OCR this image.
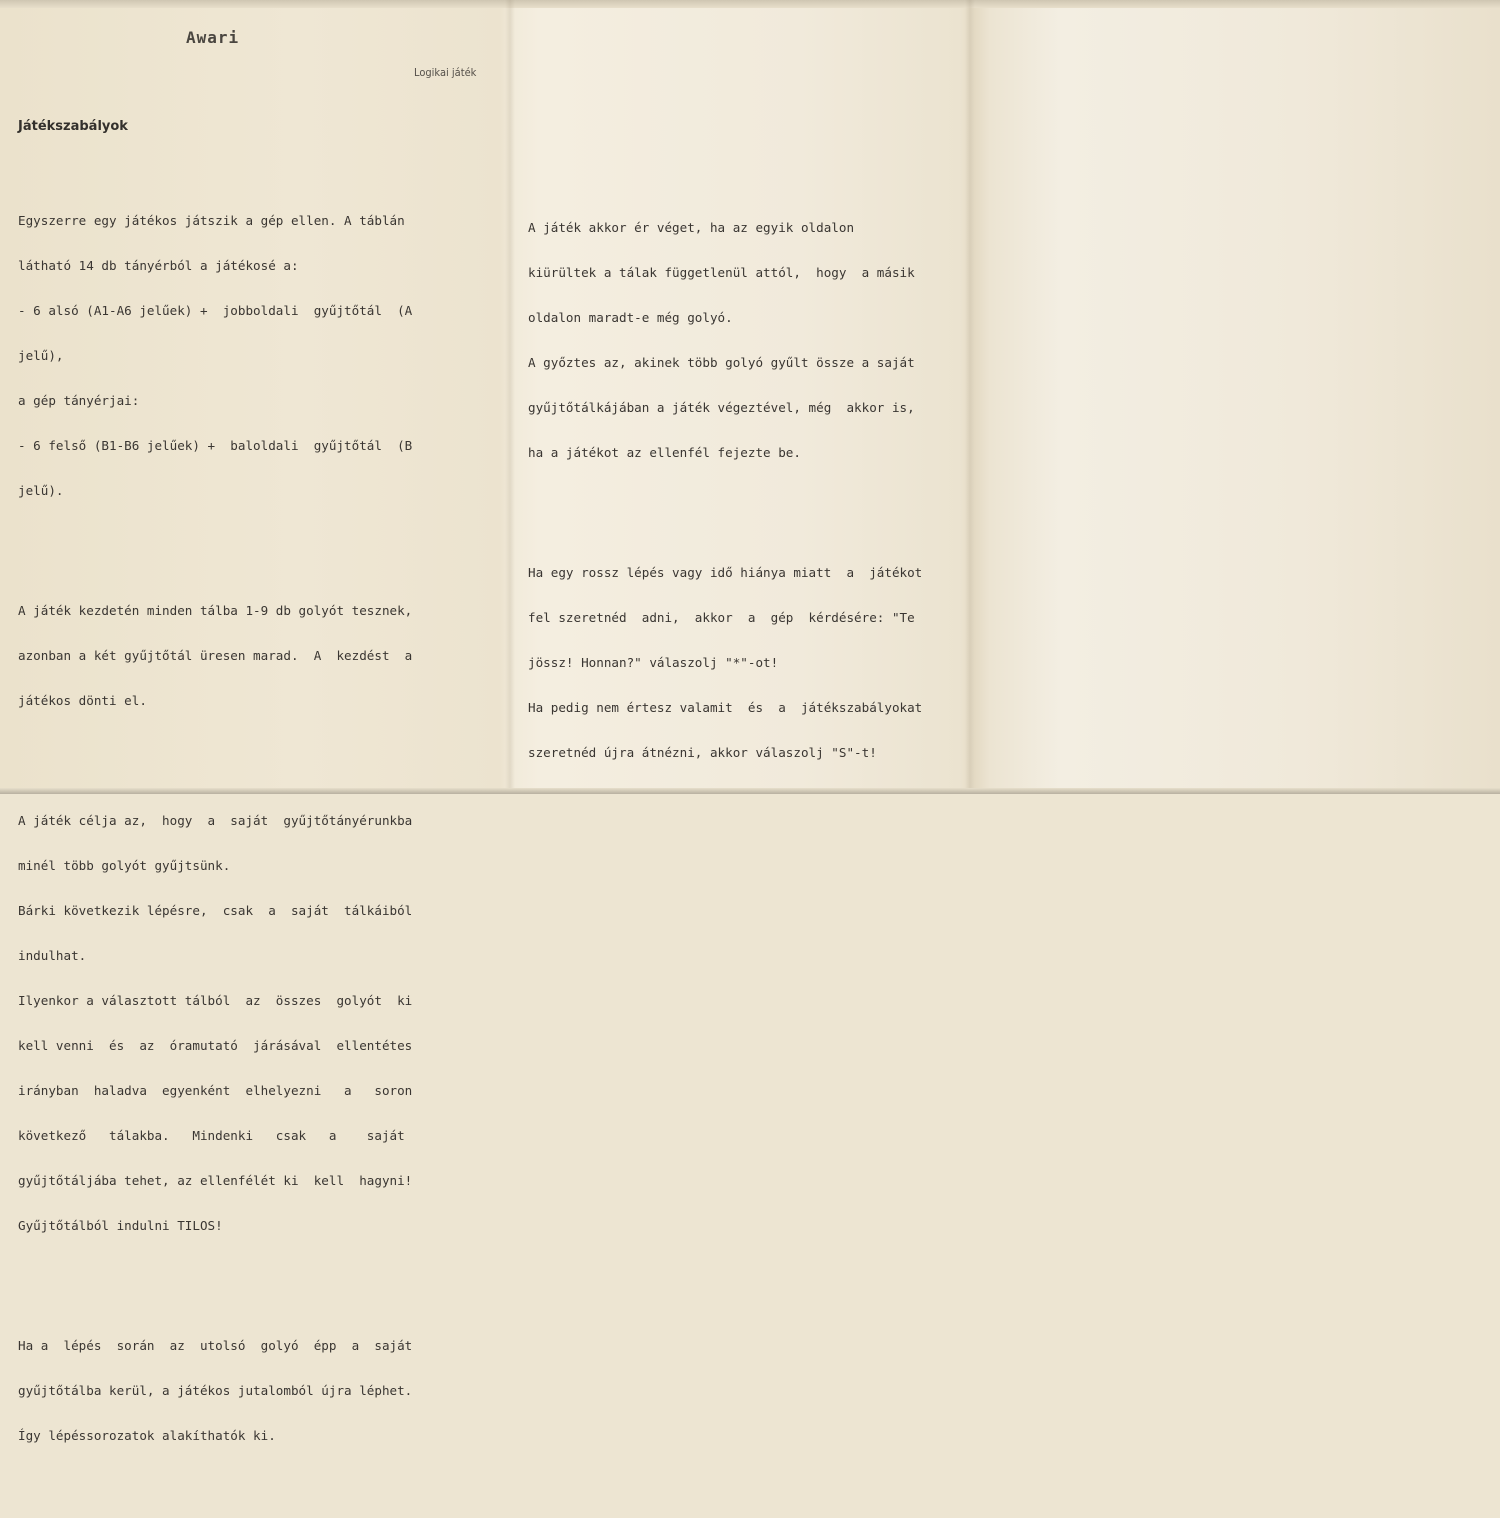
Awari
Logikai játék
Játékszabályok

Egyszerre egy játékos játszik a gép ellen. A táblán

látható 14 db tányérból a játékosé a:

- 6 alsó (A1-A6 jelűek) +  jobboldali  gyűjtőtál  (A

jelű),

a gép tányérjai:

- 6 felső (B1-B6 jelűek) +  baloldali  gyűjtőtál  (B

jelű).

A játék kezdetén minden tálba 1-9 db golyót tesznek,

azonban a két gyűjtőtál üresen marad.  A  kezdést  a

játékos dönti el.

A játék célja az,  hogy  a  saját  gyűjtőtányérunkba

minél több golyót gyűjtsünk.

Bárki következik lépésre,  csak  a  saját  tálkáiból

indulhat.

Ilyenkor a választott tálból  az  összes  golyót  ki

kell venni  és  az  óramutató  járásával  ellentétes

irányban  haladva  egyenként  elhelyezni   a   soron

következő   tálakba.   Mindenki   csak   a    saját

gyűjtőtáljába tehet, az ellenfélét ki  kell  hagyni!

Gyűjtőtálból indulni TILOS!

Ha a  lépés  során  az  utolsó  golyó  épp  a  saját

gyűjtőtálba kerül, a játékos jutalomból újra léphet.

Így lépéssorozatok alakíthatók ki.

A játék akkor ér véget, ha az egyik oldalon

kiürültek a tálak függetlenül attól,  hogy  a másik

oldalon maradt-e még golyó.

A győztes az, akinek több golyó gyűlt össze a saját

gyűjtőtálkájában a játék végeztével, még  akkor is,

ha a játékot az ellenfél fejezte be.

Ha egy rossz lépés vagy idő hiánya miatt  a  játékot

fel szeretnéd  adni,  akkor  a  gép  kérdésére: "Te

jössz! Honnan?" válaszolj "*"-ot!

Ha pedig nem értesz valamit  és  a  játékszabályokat

szeretnéd újra átnézni, akkor válaszolj "S"-t!
